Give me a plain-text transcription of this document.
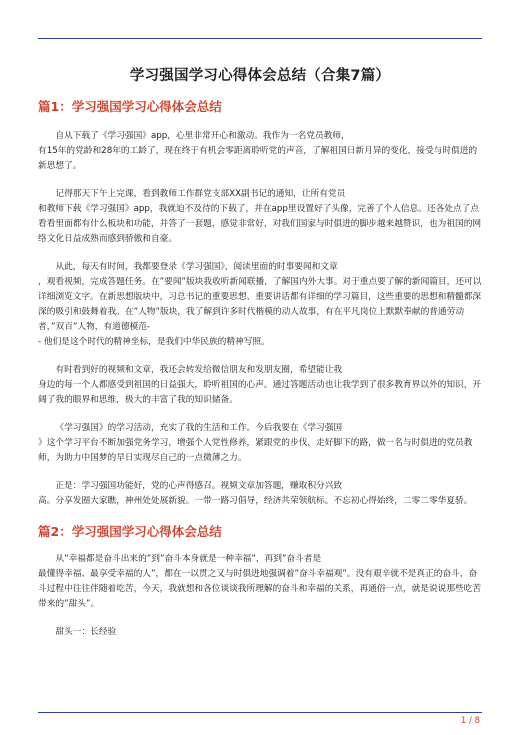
学习强国学习心得体会总结（合集7篇）
篇1：学习强国学习心得体会总结

自从下载了《学习强国》app，心里非常开心和激动。我作为一名党员教师，
有15年的党龄和28年的工龄了，现在终于有机会零距离聆听党的声音，了解祖国日新月异的变化，接受与时俱进的新思想了。

记得那天下午上完课，看到教师工作群党支部XX副书记的通知，让所有党员
和教师下载《学习强国》app，我就迫不及待的下载了，并在app里设置好了头像，完善了个人信息。还各处点了点看看里面都有什么板块和功能，并答了一套题，感觉非常好，对我们国家与时俱进的脚步越来越赞识，也为祖国的网络文化日益成熟而感到骄傲和自豪。

从此，每天有时间，我都要登录《学习强国》，阅读里面的时事要闻和文章
，观看视频，完成答题任务。在”要闻”版块我收听新闻联播，了解国内外大事。对于重点要了解的新闻篇目，还可以详细浏览文字。在新思想版块中，习总书记的重要思想、重要讲话都有详细的学习篇目，这些重要的思想和精髓都深深的吸引和鼓舞着我。在”人物”版块，我了解到许多时代楷模的动人故事，有在平凡岗位上默默奉献的普通劳动者，”双百”人物，有道德模范-
- 他们是这个时代的精神坐标，是我们中华民族的精神写照。

有时看到好的视频和文章，我还会转发给微信朋友和发朋友圈，希望能让我
身边的每一个人都感受到祖国的日益强大，聆听祖国的心声。通过答题活动也让我学到了很多教育界以外的知识，开阔了我的眼界和思维，极大的丰富了我的知识储备。

《学习强国》的学习活动，充实了我的生活和工作。今后我要在《学习强国
》这个学习平台不断加强党务学习，增强个人党性修养，紧跟党的步伐，走好脚下的路，做一名与时俱进的党员教师，为助力中国梦的早日实现尽自己的一点微薄之力。

正是：学习强国功能好，党的心声得感召。视频文章加答题，赚取积分兴致
高。分享发圈大家瞧，神州处处展新貌。一带一路习倡导，经济共荣领航标。不忘初心得始终，二零二零华夏骄。

篇2：学习强国学习心得体会总结

从”幸福都是奋斗出来的”到”奋斗本身就是一种幸福”，再到”奋斗者是
最懂得幸福、最享受幸福的人”，都在一以贯之又与时俱进地强调着”奋斗幸福观”。没有艰辛就不是真正的奋斗，奋斗过程中往往伴随着吃苦，今天，我就想和各位谈谈我所理解的奋斗和幸福的关系，再通俗一点，就是说说那些吃苦带来的”甜头”。

甜头一：长经验

1 / 8
